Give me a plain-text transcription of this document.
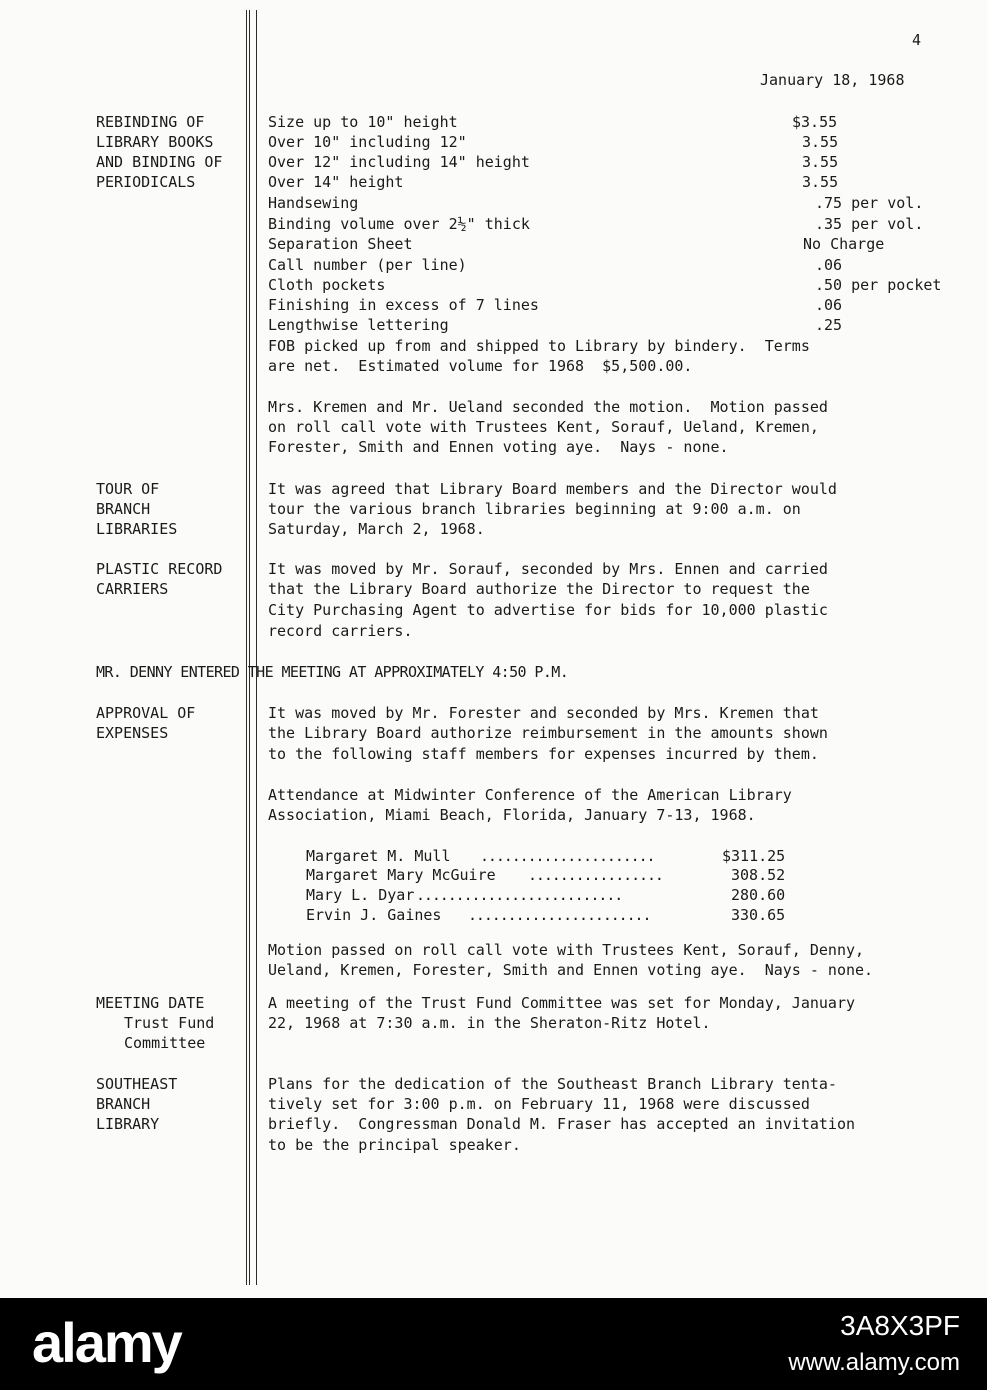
4
January 18, 1968
REBINDING OF
LIBRARY BOOKS
AND BINDING OF
PERIODICALS
Size up to 10" height	$3.55
Over 10" including 12"	3.55
Over 12" including 14" height	3.55
Over 14" height	3.55
Handsewing	.75 per vol.
Binding volume over 2½" thick	.35 per vol.
Separation Sheet	No Charge
Call number (per line)	.06
Cloth pockets	.50 per pocket
Finishing in excess of 7 lines	.06
Lengthwise lettering	.25
FOB picked up from and shipped to Library by bindery.  Terms
are net.  Estimated volume for 1968  $5,500.00.
Mrs. Kremen and Mr. Ueland seconded the motion.  Motion passed
on roll call vote with Trustees Kent, Sorauf, Ueland, Kremen,
Forester, Smith and Ennen voting aye.  Nays - none.
TOUR OF
BRANCH
LIBRARIES
It was agreed that Library Board members and the Director would
tour the various branch libraries beginning at 9:00 a.m. on
Saturday, March 2, 1968.
PLASTIC RECORD
CARRIERS
It was moved by Mr. Sorauf, seconded by Mrs. Ennen and carried
that the Library Board authorize the Director to request the
City Purchasing Agent to advertise for bids for 10,000 plastic
record carriers.
MR. DENNY ENTERED THE MEETING AT APPROXIMATELY 4:50 P.M.
APPROVAL OF
EXPENSES
It was moved by Mr. Forester and seconded by Mrs. Kremen that
the Library Board authorize reimbursement in the amounts shown
to the following staff members for expenses incurred by them.
Attendance at Midwinter Conference of the American Library
Association, Miami Beach, Florida, January 7-13, 1968.
Margaret M. Mull ......................	$311.25
Margaret Mary McGuire .................	308.52
Mary L. Dyar ..........................	280.60
Ervin J. Gaines .......................	330.65
Motion passed on roll call vote with Trustees Kent, Sorauf, Denny,
Ueland, Kremen, Forester, Smith and Ennen voting aye.  Nays - none.
MEETING DATE
Trust Fund
Committee
A meeting of the Trust Fund Committee was set for Monday, January
22, 1968 at 7:30 a.m. in the Sheraton-Ritz Hotel.
SOUTHEAST
BRANCH
LIBRARY
Plans for the dedication of the Southeast Branch Library tenta-
tively set for 3:00 p.m. on February 11, 1968 were discussed
briefly.  Congressman Donald M. Fraser has accepted an invitation
to be the principal speaker.
alamy	3A8X3PF
www.alamy.com
